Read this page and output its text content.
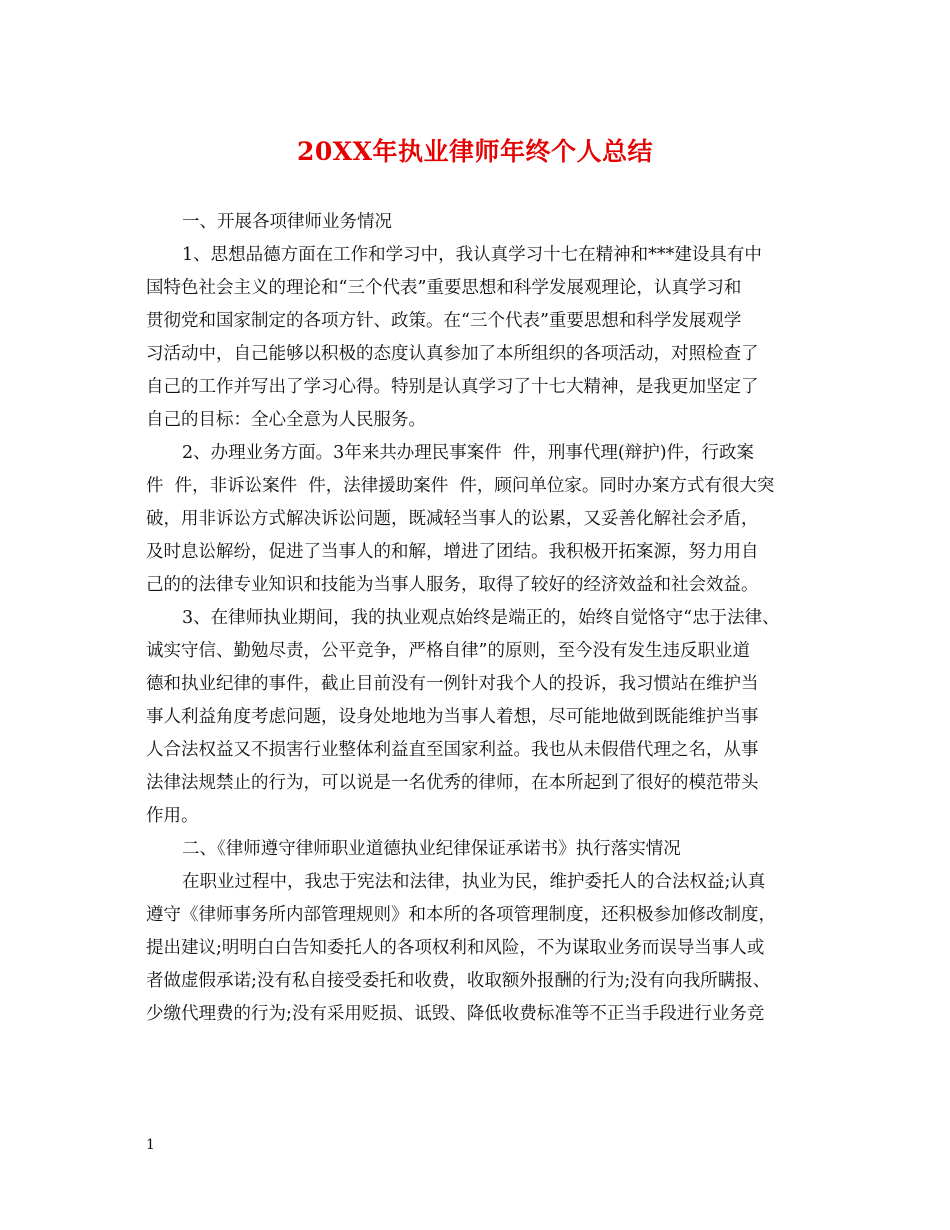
20XX年执业律师年终个人总结
一、开展各项律师业务情况
1、思想品德方面在工作和学习中，我认真学习十七在精神和***建设具有中
国特色社会主义的理论和“三个代表”重要思想和科学发展观理论，认真学习和
贯彻党和国家制定的各项方针、政策。在“三个代表”重要思想和科学发展观学
习活动中，自己能够以积极的态度认真参加了本所组织的各项活动，对照检查了
自己的工作并写出了学习心得。特别是认真学习了十七大精神，是我更加坚定了
自己的目标：全心全意为人民服务。
2、办理业务方面。3年来共办理民事案件  件，刑事代理(辩护)件，行政案
件  件，非诉讼案件  件，法律援助案件  件，顾问单位家。同时办案方式有很大突
破，用非诉讼方式解决诉讼问题，既减轻当事人的讼累，又妥善化解社会矛盾，
及时息讼解纷，促进了当事人的和解，增进了团结。我积极开拓案源，努力用自
己的的法律专业知识和技能为当事人服务，取得了较好的经济效益和社会效益。
3、在律师执业期间，我的执业观点始终是端正的，始终自觉恪守“忠于法律、
诚实守信、勤勉尽责，公平竞争，严格自律”的原则，至今没有发生违反职业道
德和执业纪律的事件，截止目前没有一例针对我个人的投诉，我习惯站在维护当
事人利益角度考虑问题，设身处地地为当事人着想，尽可能地做到既能维护当事
人合法权益又不损害行业整体利益直至国家利益。我也从未假借代理之名，从事
法律法规禁止的行为，可以说是一名优秀的律师，在本所起到了很好的模范带头
作用。
二、《律师遵守律师职业道德执业纪律保证承诺书》执行落实情况
在职业过程中，我忠于宪法和法律，执业为民，维护委托人的合法权益;认真
遵守《律师事务所内部管理规则》和本所的各项管理制度，还积极参加修改制度，
提出建议;明明白白告知委托人的各项权利和风险，不为谋取业务而误导当事人或
者做虚假承诺;没有私自接受委托和收费，收取额外报酬的行为;没有向我所瞒报、
少缴代理费的行为;没有采用贬损、诋毁、降低收费标准等不正当手段进行业务竞
1
